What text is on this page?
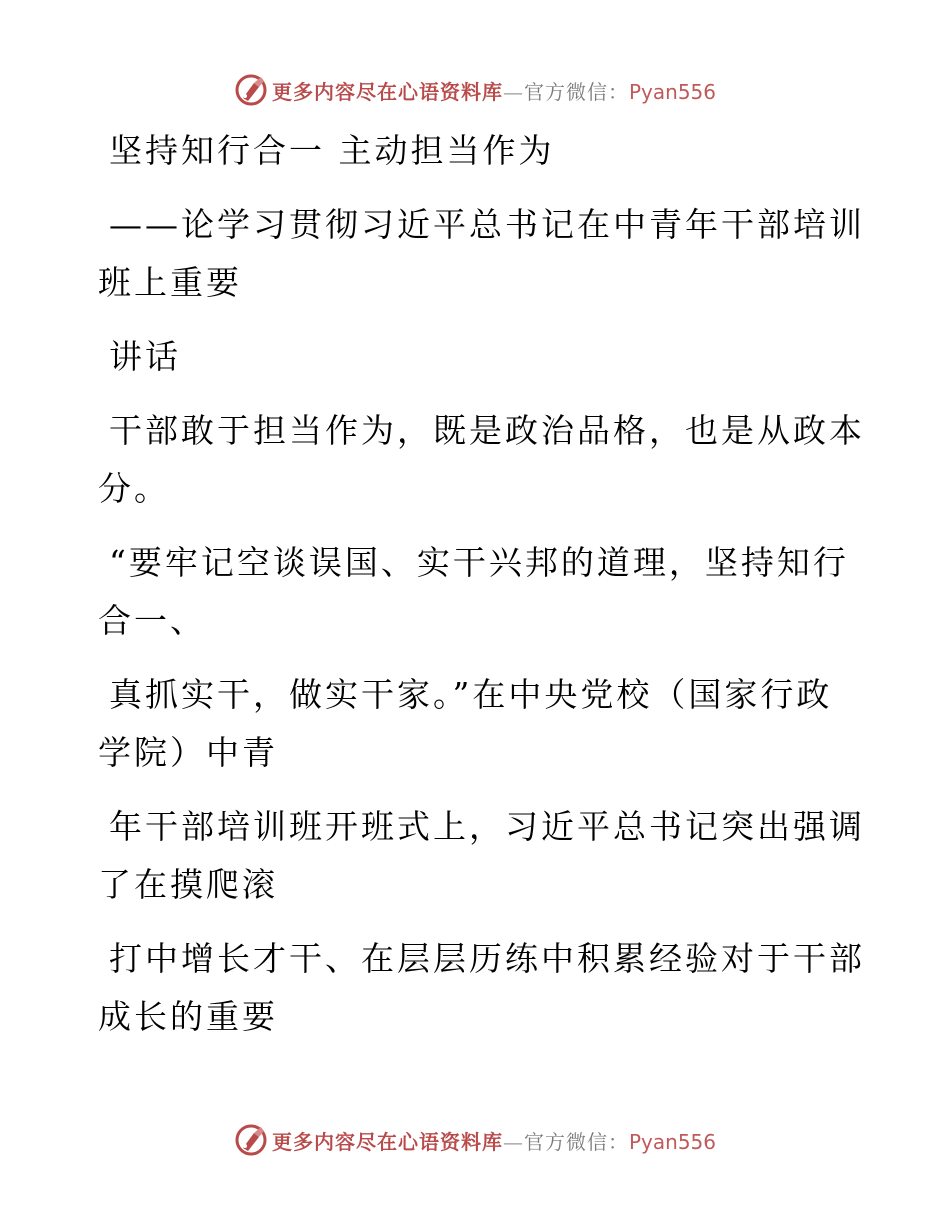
更多内容尽在心语资料库—官方微信：Pyan556
坚持知行合一 主动担当作为
——论学习贯彻习近平总书记在中青年干部培训
班上重要
讲话
干部敢于担当作为，既是政治品格，也是从政本
分。
“要牢记空谈误国、实干兴邦的道理，坚持知行
合一、
真抓实干，做实干家。”在中央党校（国家行政
学院）中青
年干部培训班开班式上，习近平总书记突出强调
了在摸爬滚
打中增长才干、在层层历练中积累经验对于干部
成长的重要
更多内容尽在心语资料库—官方微信：Pyan556
